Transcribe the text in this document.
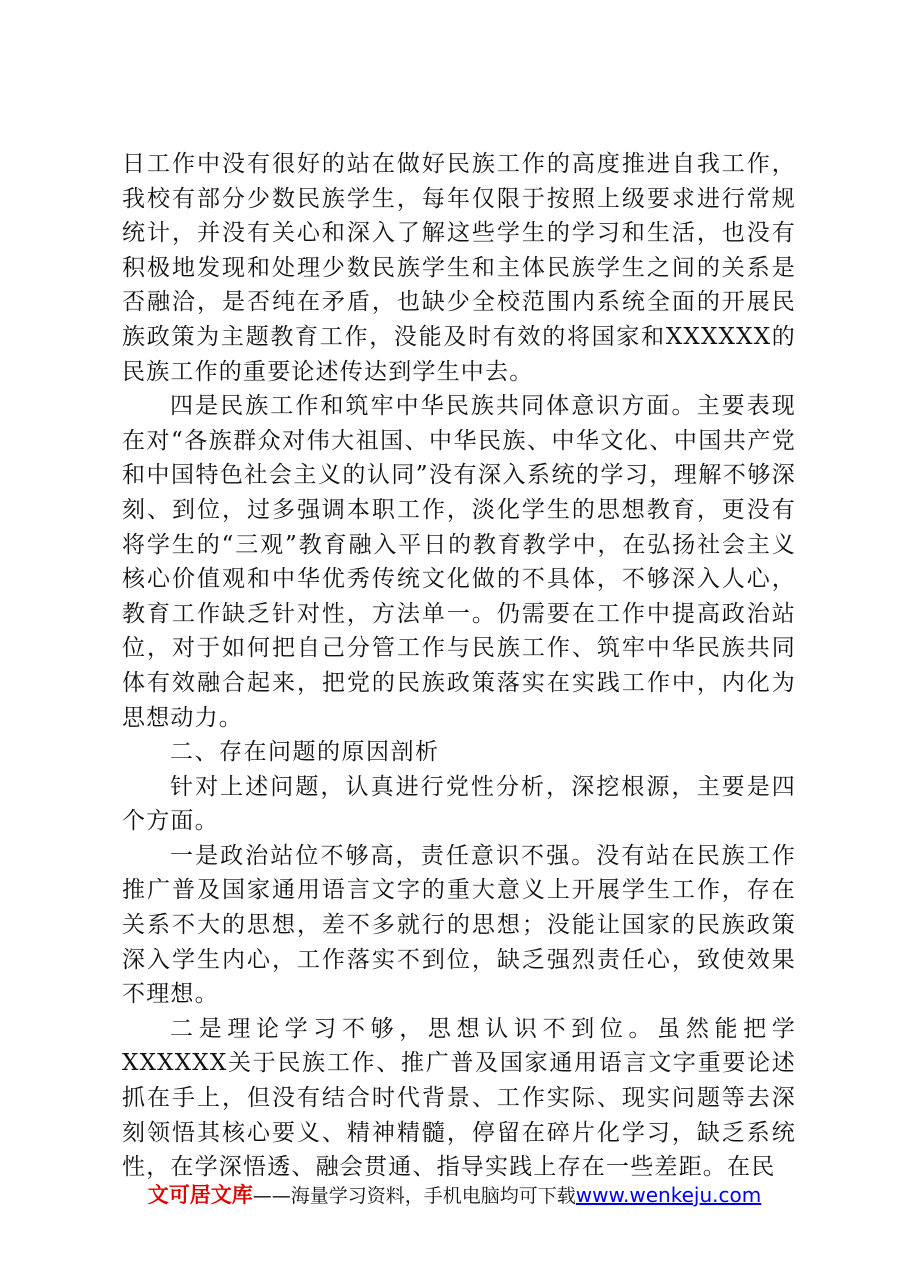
日工作中没有很好的站在做好民族工作的高度推进自我工作，我校有部分少数民族学生，每年仅限于按照上级要求进行常规统计，并没有关心和深入了解这些学生的学习和生活，也没有积极地发现和处理少数民族学生和主体民族学生之间的关系是否融洽，是否纯在矛盾，也缺少全校范围内系统全面的开展民族政策为主题教育工作，没能及时有效的将国家和XXXXXX的民族工作的重要论述传达到学生中去。

四是民族工作和筑牢中华民族共同体意识方面。主要表现在对“各族群众对伟大祖国、中华民族、中华文化、中国共产党和中国特色社会主义的认同”没有深入系统的学习，理解不够深刻、到位，过多强调本职工作，淡化学生的思想教育，更没有将学生的“三观”教育融入平日的教育教学中，在弘扬社会主义核心价值观和中华优秀传统文化做的不具体，不够深入人心，教育工作缺乏针对性，方法单一。仍需要在工作中提高政治站位，对于如何把自己分管工作与民族工作、筑牢中华民族共同体有效融合起来，把党的民族政策落实在实践工作中，内化为思想动力。

二、存在问题的原因剖析

针对上述问题，认真进行党性分析，深挖根源，主要是四个方面。

一是政治站位不够高，责任意识不强。没有站在民族工作推广普及国家通用语言文字的重大意义上开展学生工作，存在关系不大的思想，差不多就行的思想；没能让国家的民族政策深入学生内心，工作落实不到位，缺乏强烈责任心，致使效果不理想。

二是理论学习不够，思想认识不到位。虽然能把学XXXXXX关于民族工作、推广普及国家通用语言文字重要论述抓在手上，但没有结合时代背景、工作实际、现实问题等去深刻领悟其核心要义、精神精髓，停留在碎片化学习，缺乏系统性，在学深悟透、融会贯通、指导实践上存在一些差距。在民

文可居文库——海量学习资料，手机电脑均可下载www.wenkeju.com
